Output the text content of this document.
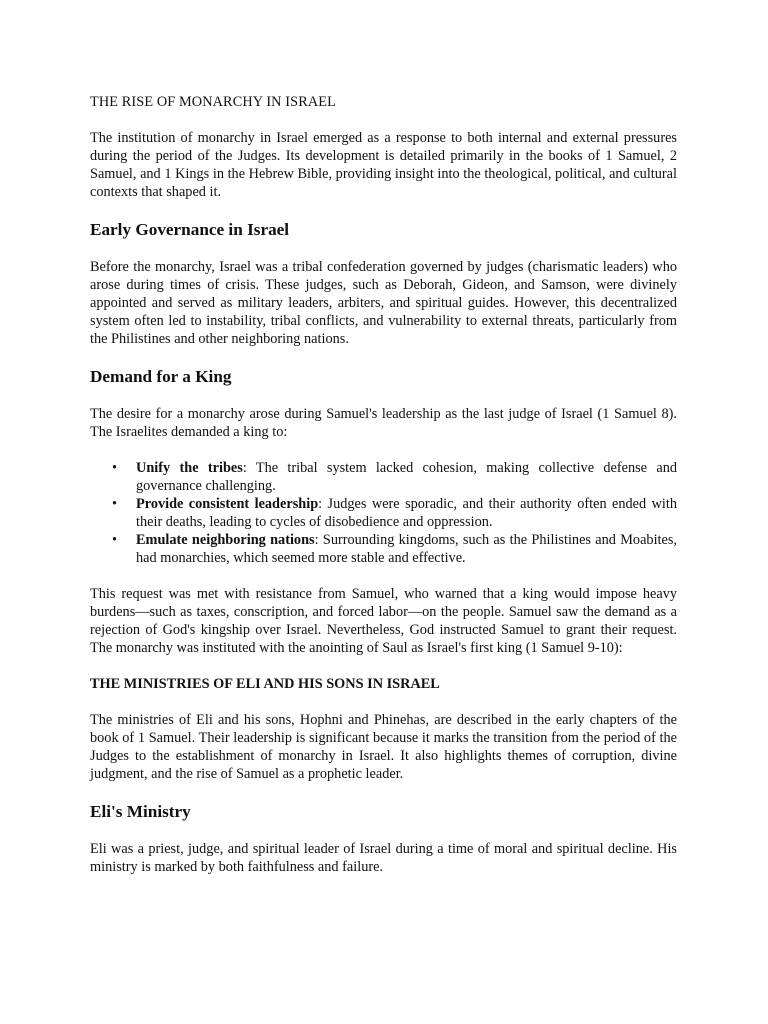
THE RISE OF MONARCHY IN ISRAEL

The institution of monarchy in Israel emerged as a response to both internal and external pressures during the period of the Judges. Its development is detailed primarily in the books of 1 Samuel, 2 Samuel, and 1 Kings in the Hebrew Bible, providing insight into the theological, political, and cultural contexts that shaped it.

Early Governance in Israel

Before the monarchy, Israel was a tribal confederation governed by judges (charismatic leaders) who arose during times of crisis. These judges, such as Deborah, Gideon, and Samson, were divinely appointed and served as military leaders, arbiters, and spiritual guides. However, this decentralized system often led to instability, tribal conflicts, and vulnerability to external threats, particularly from the Philistines and other neighboring nations.

Demand for a King

The desire for a monarchy arose during Samuel's leadership as the last judge of Israel (1 Samuel 8). The Israelites demanded a king to:

• Unify the tribes: The tribal system lacked cohesion, making collective defense and governance challenging.
• Provide consistent leadership: Judges were sporadic, and their authority often ended with their deaths, leading to cycles of disobedience and oppression.
• Emulate neighboring nations: Surrounding kingdoms, such as the Philistines and Moabites, had monarchies, which seemed more stable and effective.

This request was met with resistance from Samuel, who warned that a king would impose heavy burdens—such as taxes, conscription, and forced labor—on the people. Samuel saw the demand as a rejection of God's kingship over Israel. Nevertheless, God instructed Samuel to grant their request. The monarchy was instituted with the anointing of Saul as Israel's first king (1 Samuel 9-10):

THE MINISTRIES OF ELI AND HIS SONS IN ISRAEL

The ministries of Eli and his sons, Hophni and Phinehas, are described in the early chapters of the book of 1 Samuel. Their leadership is significant because it marks the transition from the period of the Judges to the establishment of monarchy in Israel. It also highlights themes of corruption, divine judgment, and the rise of Samuel as a prophetic leader.

Eli's Ministry

Eli was a priest, judge, and spiritual leader of Israel during a time of moral and spiritual decline. His ministry is marked by both faithfulness and failure.
